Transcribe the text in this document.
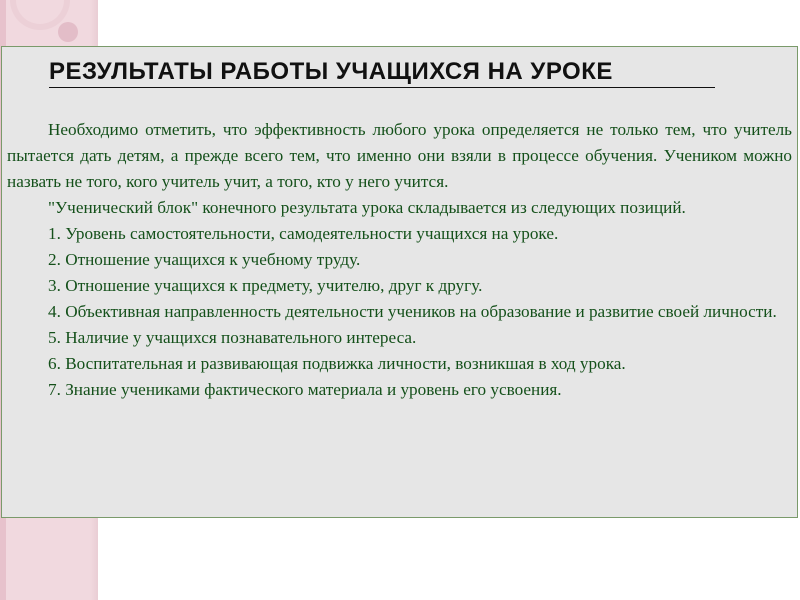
РЕЗУЛЬТАТЫ РАБОТЫ УЧАЩИХСЯ НА УРОКЕ

Необходимо отметить, что эффективность любого урока определяется не только тем, что учитель пытается дать детям, а прежде всего тем, что именно они взяли в процессе обучения. Учеником можно назвать не того, кого учитель учит, а того, кто у него учится.

"Ученический блок" конечного результата урока складывается из следующих позиций.

1. Уровень самостоятельности, самодеятельности учащихся на уроке.

2. Отношение учащихся к учебному труду.

3. Отношение учащихся к предмету, учителю, друг к другу.

4. Объективная направленность деятельности учеников на образование и развитие своей личности.

5. Наличие у учащихся познавательного интереса.

6. Воспитательная и развивающая подвижка личности, возникшая в ход урока.

7. Знание учениками фактического материала и уровень его усвоения.
